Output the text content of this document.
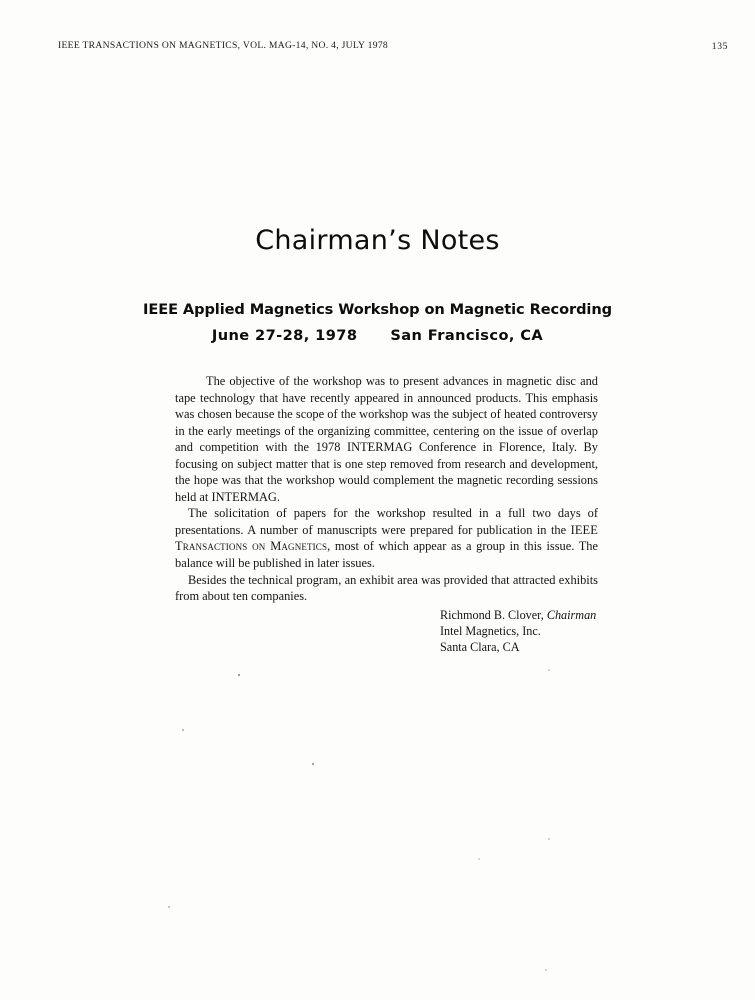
IEEE TRANSACTIONS ON MAGNETICS, VOL. MAG-14, NO. 4, JULY 1978	135
Chairman’s Notes
IEEE Applied Magnetics Workshop on Magnetic Recording
June 27-28, 1978 San Francisco, CA

The objective of the workshop was to present advances in magnetic disc and tape technology that have recently appeared in announced products. This emphasis was chosen because the scope of the workshop was the subject of heated controversy in the early meetings of the organizing committee, centering on the issue of overlap and competition with the 1978 INTERMAG Conference in Florence, Italy. By focusing on subject matter that is one step removed from research and development, the hope was that the workshop would complement the magnetic recording sessions held at INTERMAG.

The solicitation of papers for the workshop resulted in a full two days of presentations. A number of manuscripts were prepared for publication in the IEEE Transactions on Magnetics, most of which appear as a group in this issue. The balance will be published in later issues.

Besides the technical program, an exhibit area was provided that attracted exhibits from about ten companies.

Richmond B. Clover, Chairman
Intel Magnetics, Inc.
Santa Clara, CA
